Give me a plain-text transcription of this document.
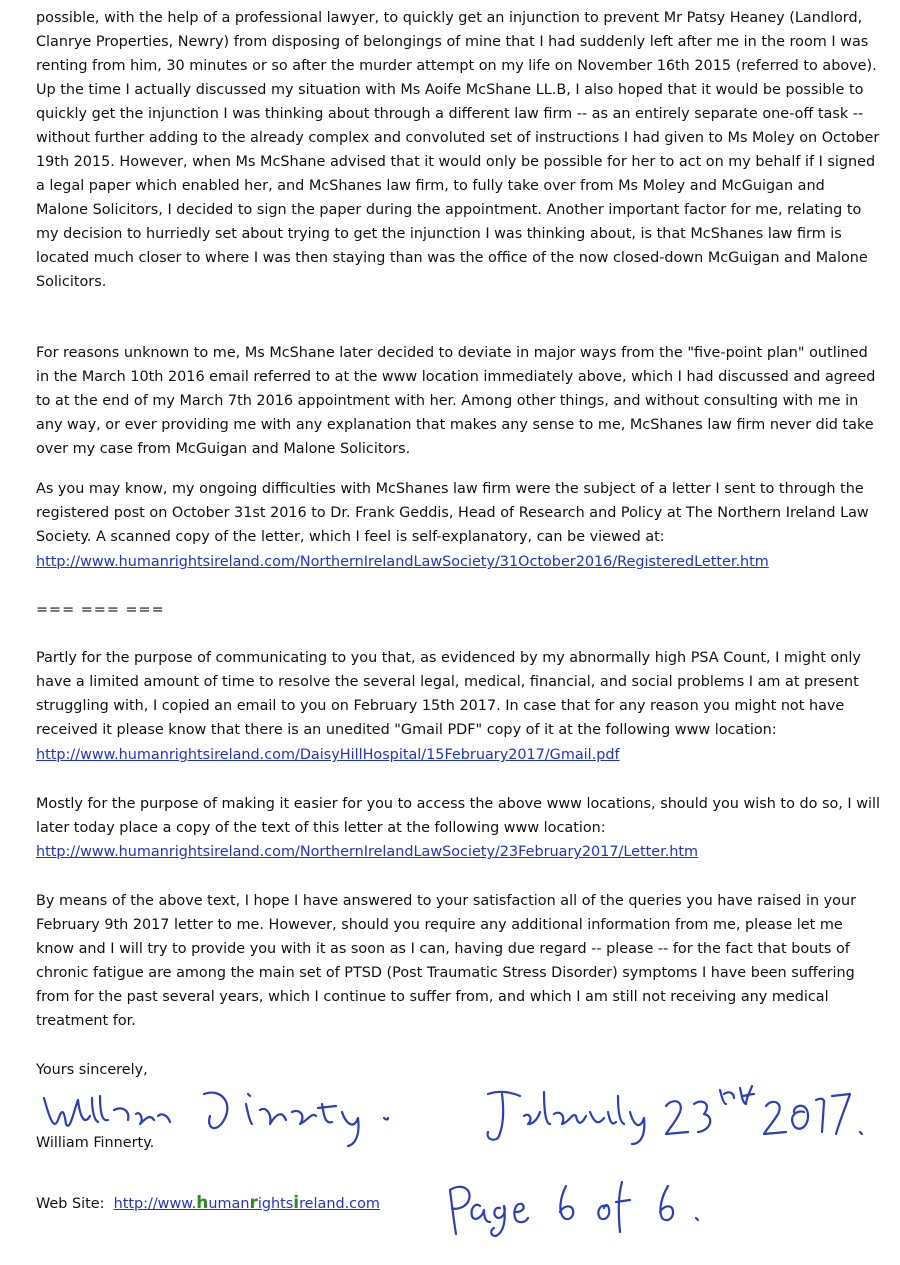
possible, with the help of a professional lawyer, to quickly get an injunction to prevent Mr Patsy Heaney (Landlord, Clanrye Properties, Newry) from disposing of belongings of mine that I had suddenly left after me in the room I was renting from him, 30 minutes or so after the murder attempt on my life on November 16th 2015 (referred to above). Up the time I actually discussed my situation with Ms Aoife McShane LL.B, I also hoped that it would be possible to quickly get the injunction I was thinking about through a different law firm -- as an entirely separate one-off task -- without further adding to the already complex and convoluted set of instructions I had given to Ms Moley on October 19th 2015. However, when Ms McShane advised that it would only be possible for her to act on my behalf if I signed a legal paper which enabled her, and McShanes law firm, to fully take over from Ms Moley and McGuigan and Malone Solicitors, I decided to sign the paper during the appointment. Another important factor for me, relating to my decision to hurriedly set about trying to get the injunction I was thinking about, is that McShanes law firm is located much closer to where I was then staying than was the office of the now closed-down McGuigan and Malone Solicitors.

For reasons unknown to me, Ms McShane later decided to deviate in major ways from the "five-point plan" outlined in the March 10th 2016 email referred to at the www location immediately above, which I had discussed and agreed to at the end of my March 7th 2016 appointment with her. Among other things, and without consulting with me in any way, or ever providing me with any explanation that makes any sense to me, McShanes law firm never did take over my case from McGuigan and Malone Solicitors.

As you may know, my ongoing difficulties with McShanes law firm were the subject of a letter I sent to through the registered post on October 31st 2016 to Dr. Frank Geddis, Head of Research and Policy at The Northern Ireland Law Society. A scanned copy of the letter, which I feel is self-explanatory, can be viewed at:

http://www.humanrightsireland.com/NorthernIrelandLawSociety/31October2016/RegisteredLetter.htm

=== === ===

Partly for the purpose of communicating to you that, as evidenced by my abnormally high PSA Count, I might only have a limited amount of time to resolve the several legal, medical, financial, and social problems I am at present struggling with, I copied an email to you on February 15th 2017. In case that for any reason you might not have received it please know that there is an unedited "Gmail PDF" copy of it at the following www location:

http://www.humanrightsireland.com/DaisyHillHospital/15February2017/Gmail.pdf

Mostly for the purpose of making it easier for you to access the above www locations, should you wish to do so, I will later today place a copy of the text of this letter at the following www location:

http://www.humanrightsireland.com/NorthernIrelandLawSociety/23February2017/Letter.htm

By means of the above text, I hope I have answered to your satisfaction all of the queries you have raised in your February 9th 2017 letter to me. However, should you require any additional information from me, please let me know and I will try to provide you with it as soon as I can, having due regard -- please -- for the fact that bouts of chronic fatigue are among the main set of PTSD (Post Traumatic Stress Disorder) symptoms I have been suffering from for the past several years, which I continue to suffer from, and which I am still not receiving any medical treatment for.

Yours sincerely,

William Finnerty.

Web Site: http://www.humanrightsireland.com
